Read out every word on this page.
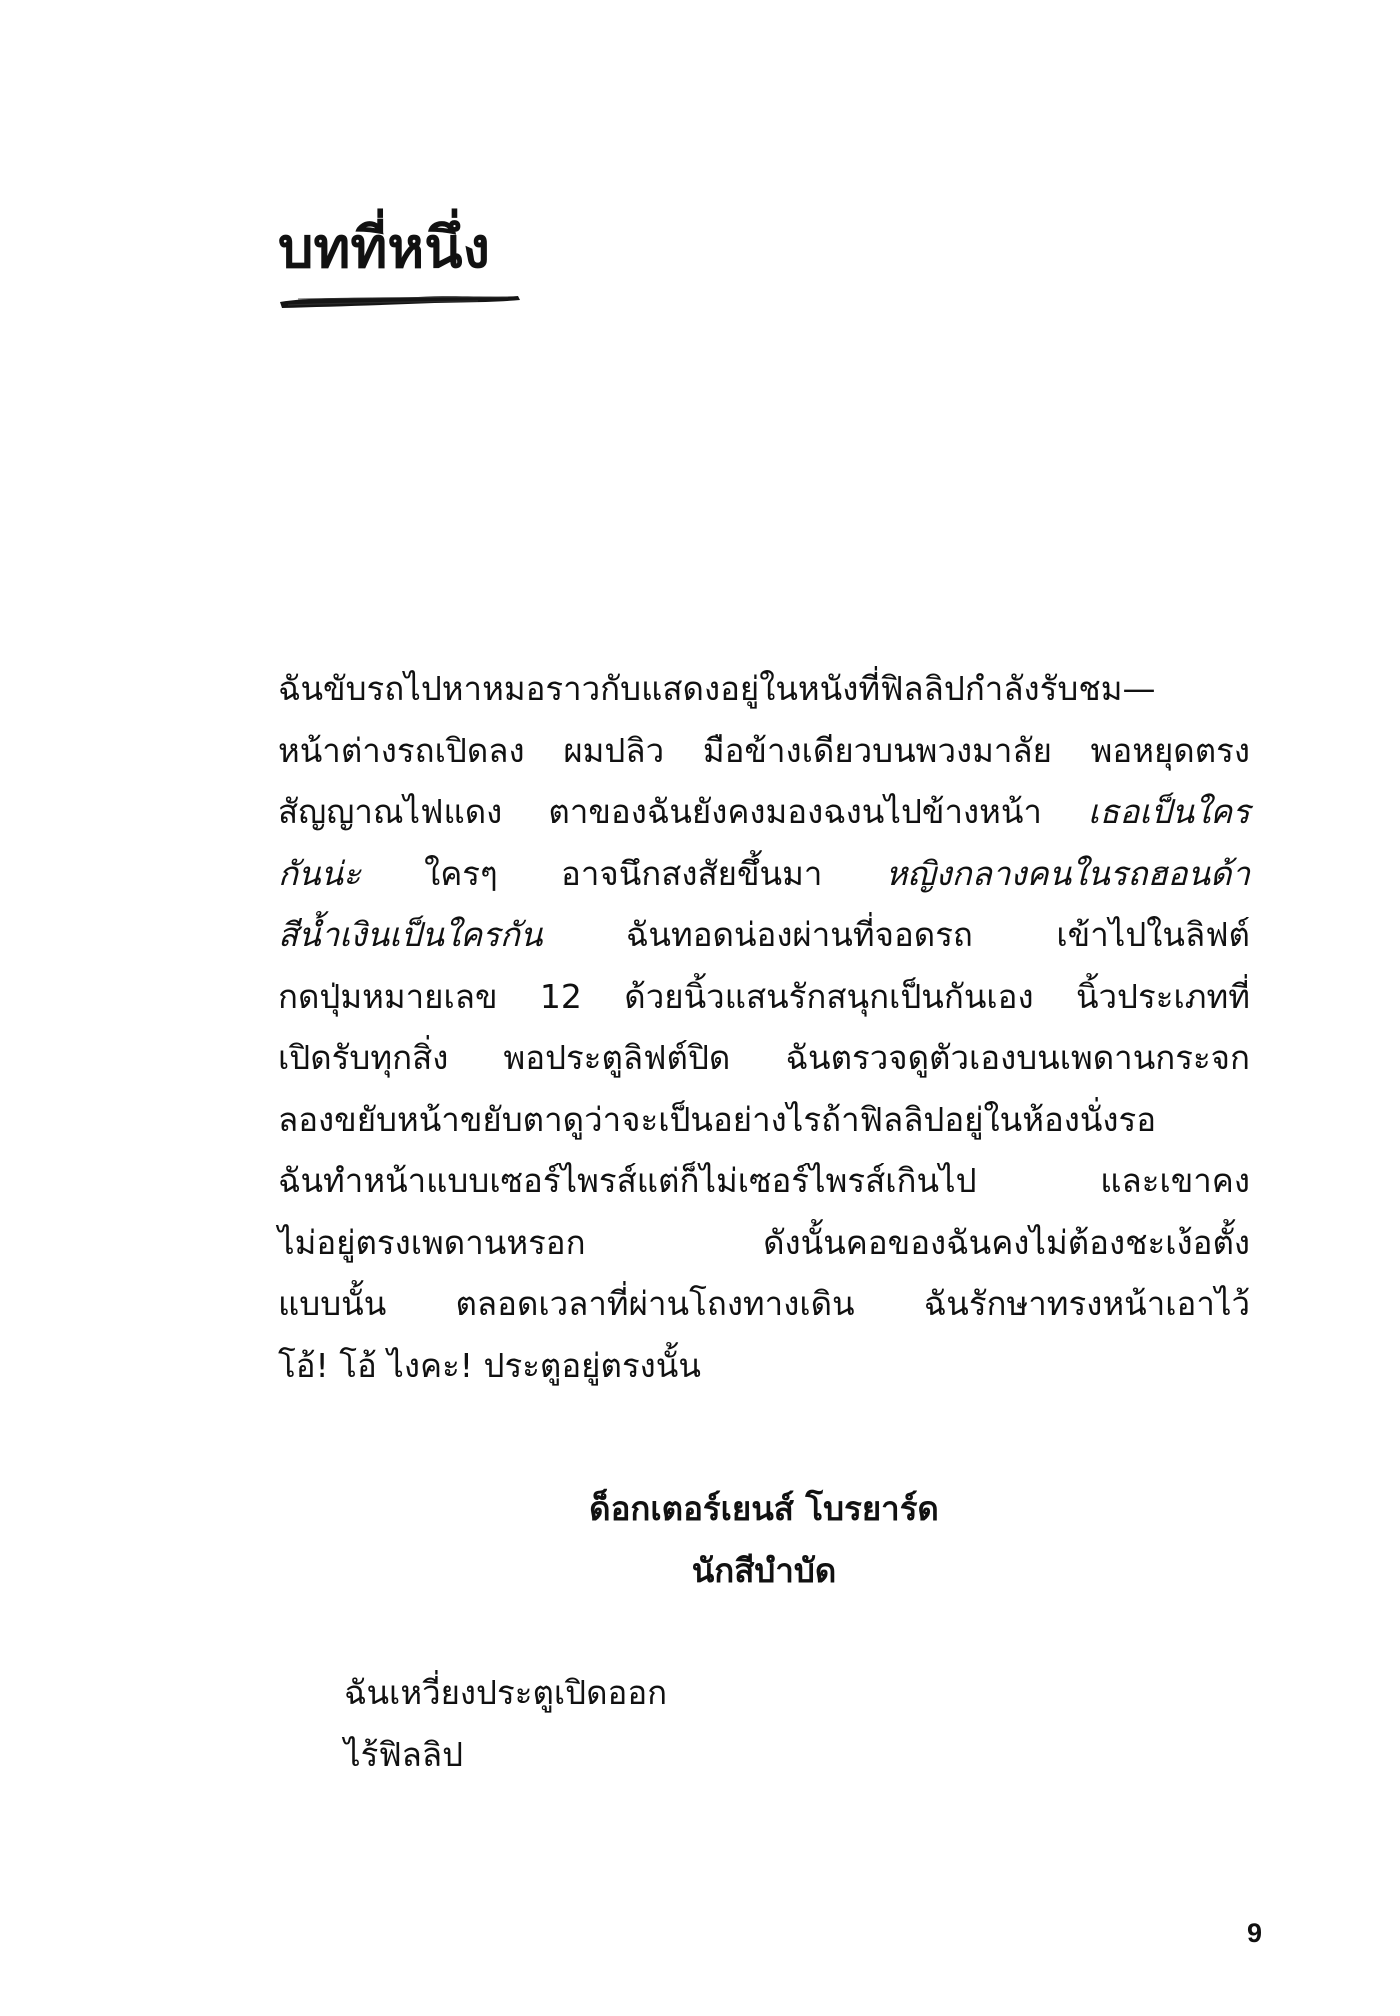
บทที่หนึ่ง
ฉันขับรถไปหาหมอราวกับแสดงอยู่ในหนังที่ฟิลลิปกำลังรับชม—
หน้าต่างรถเปิดลง ผมปลิว มือข้างเดียวบนพวงมาลัย พอหยุดตรง
สัญญาณไฟแดง ตาของฉันยังคงมองฉงนไปข้างหน้า เธอเป็นใคร
กันน่ะ ใครๆ อาจนึกสงสัยขึ้นมา หญิงกลางคนในรถฮอนด้า
สีน้ำเงินเป็นใครกัน	ฉันทอดน่องผ่านที่จอดรถ เข้าไปในลิฟต์
กดปุ่มหมายเลข 12 ด้วยนิ้วแสนรักสนุกเป็นกันเอง นิ้วประเภทที่
เปิดรับทุกสิ่ง พอประตูลิฟต์ปิด ฉันตรวจดูตัวเองบนเพดานกระจก
ลองขยับหน้าขยับตาดูว่าจะเป็นอย่างไรถ้าฟิลลิปอยู่ในห้องนั่งรอ
ฉันทำหน้าแบบเซอร์ไพรส์แต่ก็ไม่เซอร์ไพรส์เกินไป และเขาคง
ไม่อยู่ตรงเพดานหรอก ดังนั้นคอของฉันคงไม่ต้องชะเง้อตั้ง
แบบนั้น ตลอดเวลาที่ผ่านโถงทางเดิน ฉันรักษาทรงหน้าเอาไว้
โอ้! โอ้ ไงคะ! ประตูอยู่ตรงนั้น
ด็อกเตอร์เยนส์ โบรยาร์ด
นักสีบำบัด
ฉันเหวี่ยงประตูเปิดออก
ไร้ฟิลลิป
9
